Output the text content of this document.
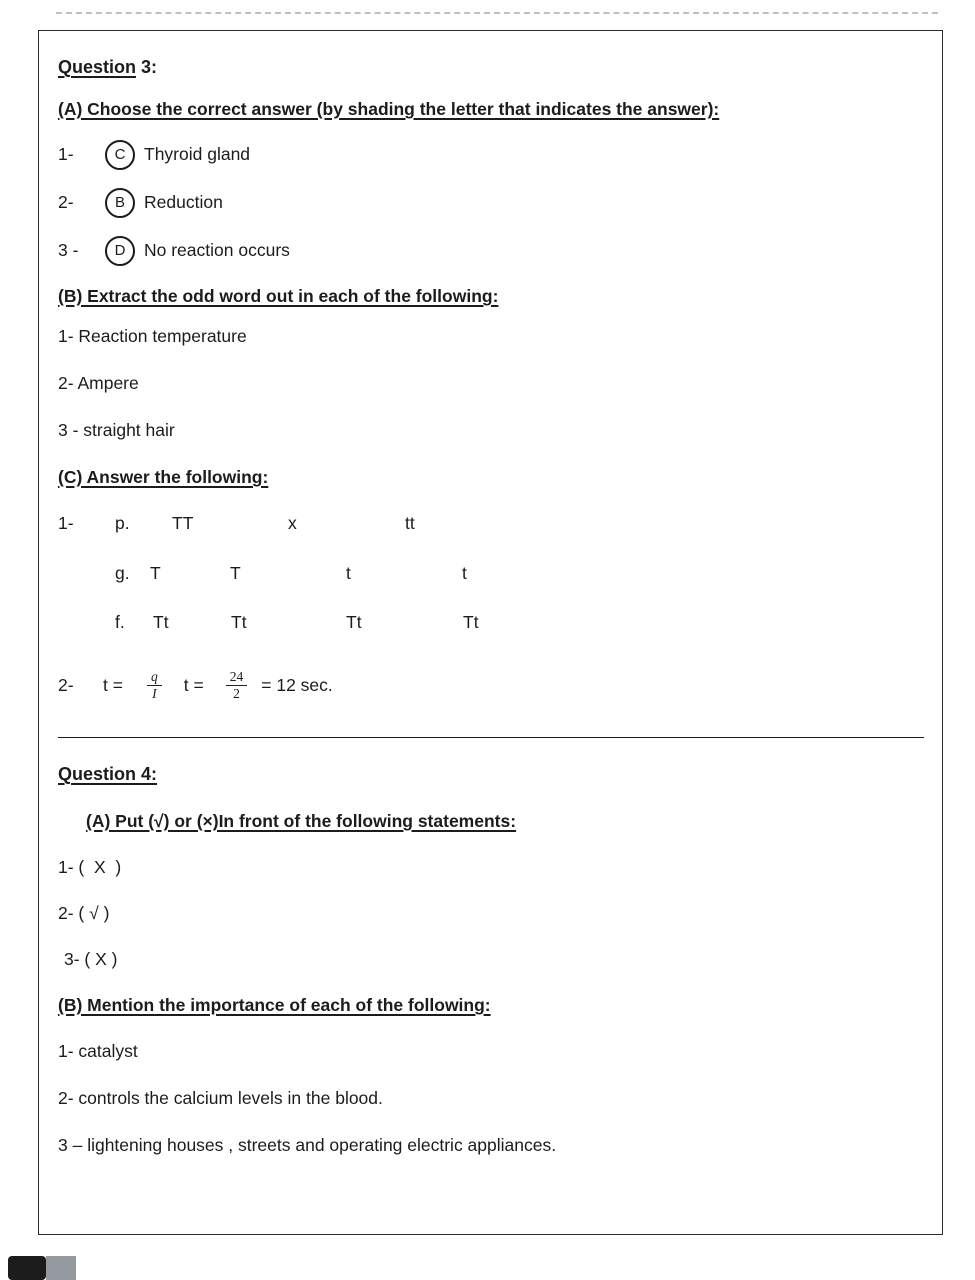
Question 3:
(A) Choose the correct answer (by shading the letter that indicates the answer):
1-	C	Thyroid gland
2-	B	Reduction
3 -	D	No reaction occurs
(B) Extract the odd word out in each of the following:

1- Reaction temperature

2- Ampere

3 - straight hair

(C) Answer the following:
1- p. TT	x	tt
g. T	T	t	t
f. Tt	Tt	Tt	Tt
2-	t =	$\frac{q}{I}$ t =	$\frac{24}{2} = 12$ sec.
Question 4:
(A) Put (√) or (×)In front of the following statements:

1- (  X  )

2- ( √ )

3- ( X )

(B) Mention the importance of each of the following:

1- catalyst

2- controls the calcium levels in the blood.

3 – lightening houses , streets and operating electric appliances.
